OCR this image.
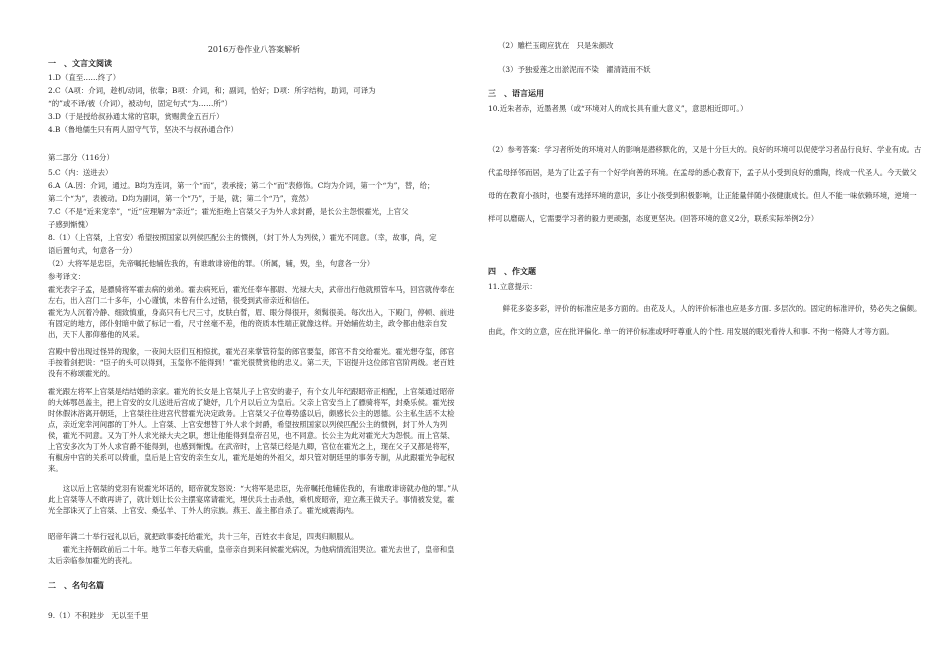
2016万卷作业八答案解析
一　、文言文阅读
1.D（直至……终了）
2.C（A项：介词，趁机/动词，依靠；B项：介词，和；副词，恰好；D项：所字结构，助词，可译为
“的”或不译/被（介词），被动句，固定句式“为……所”）
3.D（于是授给叔孙通太常的官职，赏赐黄金五百斤）
4.B（鲁地儒生只有两人固守气节，坚决不与叔孙通合作）
第二部分（116分）
5.C（内：送进去）
6.A（A.因：介词，通过。B均为连词，第一个“而”，表承接；第二个“而”表修饰。C均为介词，第一个“为”，替，给；
第二个“为”，表被动。D均为副词，第一个“乃”，于是，就；第二个“乃”，竟然）
7.C（不是“近来宠幸”，“近”应理解为“亲近”；霍光拒绝上官桀父子为外人求封爵，是长公主怨恨霍光，上官父
子感到惭愧）
8.（1）（上官桀，上官安）希望按照国家以列侯匹配公主的惯例，（封丁外人为列侯，）霍光不同意。（幸，故事，尚，定
语后置句式，句意各一分）
（2）大将军是忠臣，先帝嘱托他辅佐我的，有谁敢诽谤他的罪。（所属，辅，毁，坐，句意各一分）
参考译文：
霍光表字子孟，是骠骑将军霍去病的弟弟。霍去病死后，霍光任奉车都尉、光禄大夫，武帝出行他就照管车马，回宫就侍奉在左右，出入宫门二十多年，小心谨慎，未曾有什么过错，很受到武帝亲近和信任。
霍光为人沉着冷静、细致慎重，身高只有七尺三寸，皮肤白皙，眉、眼分得很开，须髯很美。每次出入，下殿门，停顿、前进有固定的地方，郎仆射暗中做了标记一看，尺寸丝毫不差，他的资质本性端正就像这样。开始辅佐幼主，政令都由他亲自发出，天下人都仰慕他的风采。
宫殿中曾出现过怪异的现象，一夜间大臣们互相惊扰，霍光召来掌管符玺的郎官要玺，郎官不肯交给霍光。霍光想夺玺，郎官手按着剑把说：“臣子的头可以得到，玉玺你不能得到！”霍光很赞赏他的忠义。第二天，下诏提升这位郎官官阶两级。老百姓没有不称颂霍光的。
霍光跟左将军上官桀是结结婚的亲家。霍光的长女是上官桀儿子上官安的妻子，有个女儿年纪跟昭帝正相配，上官桀通过昭帝的大姊鄂邑盖主，把上官安的女儿送进后宫成了婕妤，几个月以后立为皇后。父亲上官安当上了骠骑将军，封桑乐侯。霍光按时休假沐浴离开朝廷，上官桀往往进宫代替霍光决定政务。上官桀父子位尊势盛以后，颇感长公主的恩德。公主私生活不太检点，亲近宠幸河间郡的丁外人。上官桀、上官安想替丁外人求个封爵，希望按照国家以列侯匹配公主的惯例，封丁外人为列侯，霍光不同意。又为丁外人求光禄大夫之职，想让他能得到皇帝召见，也不同意。长公主为此对霍光大为怨恨。而上官桀、上官安多次为丁外人求官爵不能得到，也感到惭愧。在武帝时，上官桀已经是九卿，官位在霍光之上，现在父子又都是将军，有椒房中宫的关系可以倚重，皇后是上官安的亲生女儿，霍光是她的外祖父，却只管对朝廷里的事务专制，从此跟霍光争起权来。
这以后上官桀的党羽有说霍光坏话的，昭帝就发怒说：“大将军是忠臣，先帝嘱托他辅佐我的，有谁敢诽谤就办他的罪。”从此上官桀等人不敢再讲了，就计划让长公主摆宴席请霍光，埋伏兵士击杀他，乘机废昭帝，迎立燕王做天子。事情被发觉，霍光全部诛灭了上官桀、上官安、桑弘羊、丁外人的宗族。燕王、盖主都自杀了。霍光威震海内。
昭帝年满二十举行冠礼以后，就把政事委托给霍光，共十三年，百姓衣丰食足，四夷归顺服从。
霍光主持朝政前后二十年。地节二年春天病重，皇帝亲自到来问候霍光病况，为他病情流泪哭泣。霍光去世了，皇帝和皇太后亲临参加霍光的丧礼。
二　、名句名篇
9.（1）不积跬步　无以至千里
（2）雕栏玉砌应犹在　只是朱颜改
（3）予独爱莲之出淤泥而不染　濯清涟而不妖
三　、语言运用
10.近朱者赤，近墨者黑（或“环境对人的成长具有重大意义”，意思相近即可。）
（2）参考答案：学习者所处的环境对人的影响是潜移默化的，又是十分巨大的。良好的环境可以促使学习者品行良好、学业有成。古代孟母择邻而居，是为了让孟子有一个好学向善的环境。在孟母的悉心教育下，孟子从小受到良好的熏陶，终成一代圣人。今天做父母的在教育小孩时，也要有选择环境的意识，多让小孩受到积极影响，让正能量伴随小孩健康成长。但人不能一味依赖环境，逆境一样可以磨砺人，它需要学习者的毅力更顽强，态度更坚决。(回答环境的意义2分，联系实际举例2分）
四　、作文题
11.立意提示：
鲜花多姿多彩，评价的标准应是多方面的。由花及人，人的评价标准也应是多方面. 多层次的。固定的标准评价，势必失之偏颇。由此，作文的立意，应在批评偏化. 单一的评价标准或呼吁尊重人的个性. 用发展的眼光看待人和事. 不拘一格降人才等方面。
